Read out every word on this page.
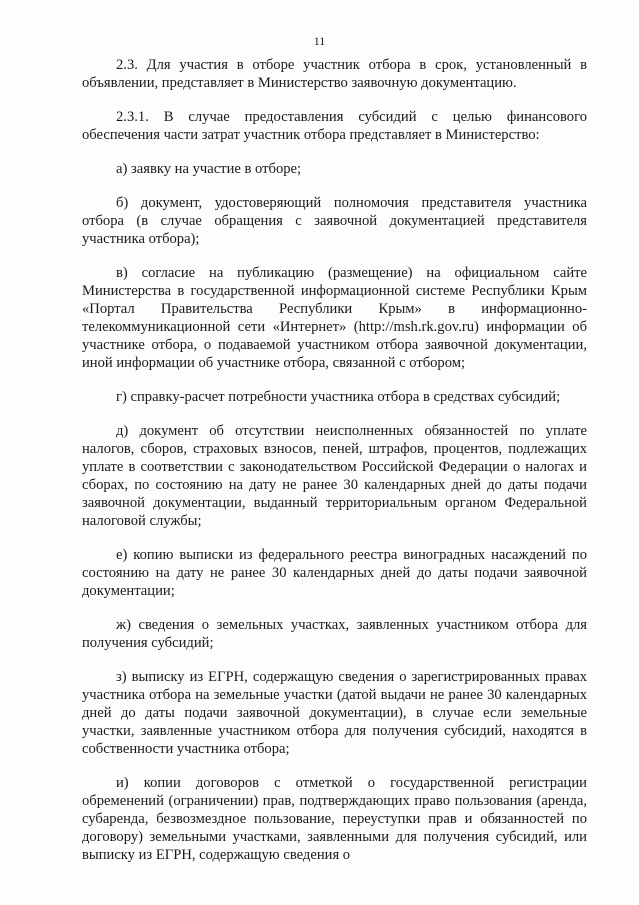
11

2.3. Для участия в отборе участник отбора в срок, установленный в объявлении, представляет в Министерство заявочную документацию.

2.3.1. В случае предоставления субсидий с целью финансового обеспечения части затрат участник отбора представляет в Министерство:

а) заявку на участие в отборе;

б) документ, удостоверяющий полномочия представителя участника отбора (в случае обращения с заявочной документацией представителя участника отбора);

в) согласие на публикацию (размещение) на официальном сайте Министерства в государственной информационной системе Республики Крым «Портал Правительства Республики Крым» в информационно-телекоммуникационной сети «Интернет» (http://msh.rk.gov.ru) информации об участнике отбора, о подаваемой участником отбора заявочной документации, иной информации об участнике отбора, связанной с отбором;

г) справку-расчет потребности участника отбора в средствах субсидий;

д) документ об отсутствии неисполненных обязанностей по уплате налогов, сборов, страховых взносов, пеней, штрафов, процентов, подлежащих уплате в соответствии с законодательством Российской Федерации о налогах и сборах, по состоянию на дату не ранее 30 календарных дней до даты подачи заявочной документации, выданный территориальным органом Федеральной налоговой службы;

е) копию выписки из федерального реестра виноградных насаждений по состоянию на дату не ранее 30 календарных дней до даты подачи заявочной документации;

ж) сведения о земельных участках, заявленных участником отбора для получения субсидий;

з) выписку из ЕГРН, содержащую сведения о зарегистрированных правах участника отбора на земельные участки (датой выдачи не ранее 30 календарных дней до даты подачи заявочной документации), в случае если земельные участки, заявленные участником отбора для получения субсидий, находятся в собственности участника отбора;

и) копии договоров с отметкой о государственной регистрации обременений (ограничении) прав, подтверждающих право пользования (аренда, субаренда, безвозмездное пользование, переуступки прав и обязанностей по договору) земельными участками, заявленными для получения субсидий, или выписку из ЕГРН, содержащую сведения о
